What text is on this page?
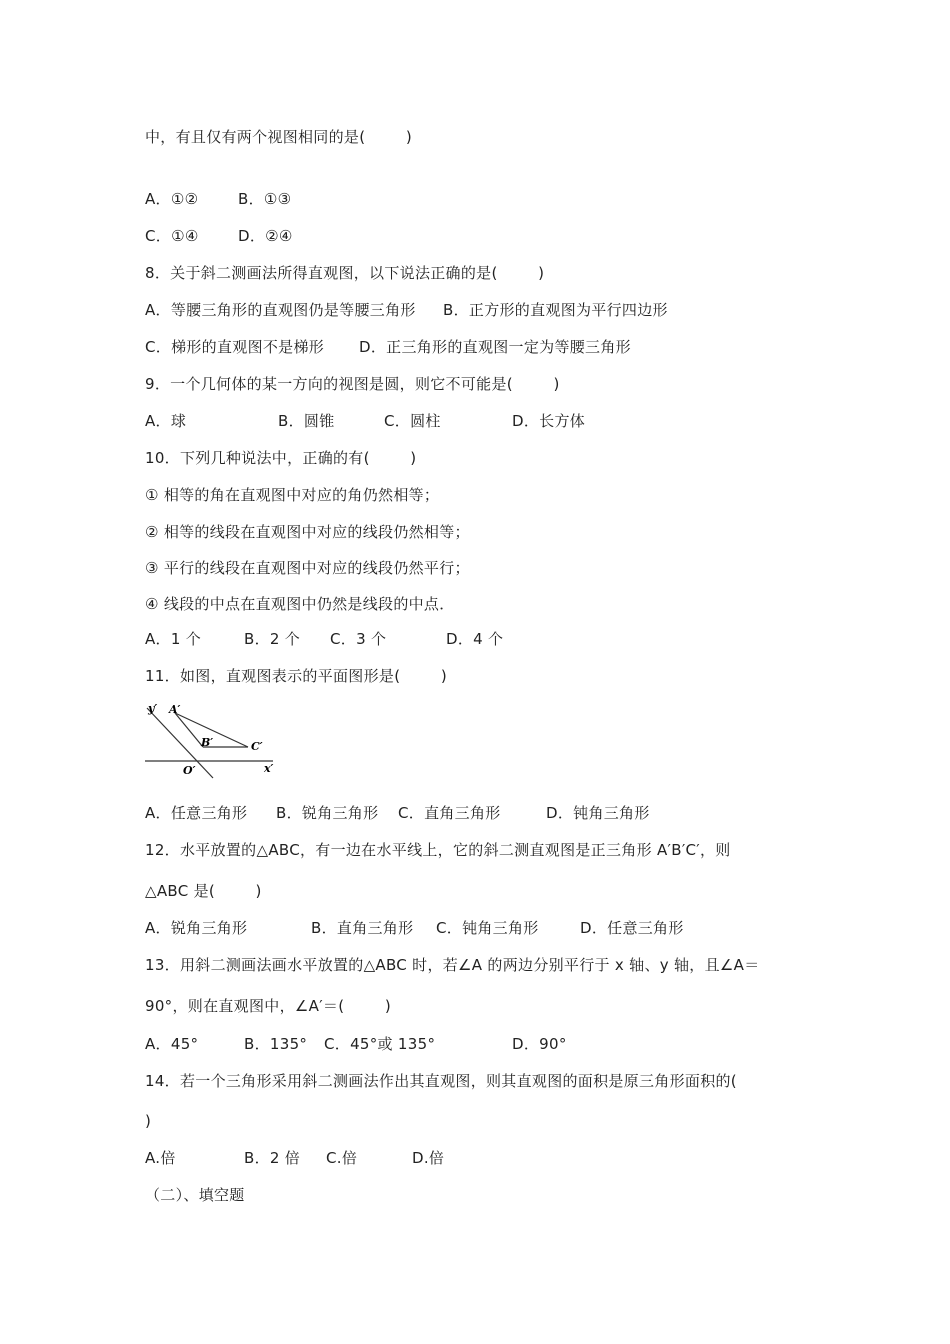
中，有且仅有两个视图相同的是(        )
A．①②	B．①③
C．①④	D．②④
8．关于斜二测画法所得直观图，以下说法正确的是(        )
A．等腰三角形的直观图仍是等腰三角形 B．正方形的直观图为平行四边形
C．梯形的直观图不是梯形 D．正三角形的直观图一定为等腰三角形
9．一个几何体的某一方向的视图是圆，则它不可能是(        )
A．球	B．圆锥	C．圆柱	D．长方体
10．下列几种说法中，正确的有(        )
① 相等的角在直观图中对应的角仍然相等；
② 相等的线段在直观图中对应的线段仍然相等；
③ 平行的线段在直观图中对应的线段仍然平行；
④ 线段的中点在直观图中仍然是线段的中点．
A．1 个	B．2 个 C．3 个	D．4 个
11．如图，直观图表示的平面图形是(        )
y′ A′
B′	C′
O′	x′
A．任意三角形 B．锐角三角形 C．直角三角形	D．钝角三角形
12．水平放置的△ABC，有一边在水平线上，它的斜二测直观图是正三角形 A′B′C′，则
△ABC 是(        )
A．锐角三角形	B．直角三角形 C．钝角三角形	D．任意三角形
13．用斜二测画法画水平放置的△ABC 时，若∠A 的两边分别平行于 x 轴、y 轴，且∠A＝
90°，则在直观图中，∠A′＝(        )
A．45°	B．135° C．45°或 135°	D．90°
14．若一个三角形采用斜二测画法作出其直观图，则其直观图的面积是原三角形面积的(
)
A.倍	B．2 倍 C.倍	D.倍
（二）、填空题
